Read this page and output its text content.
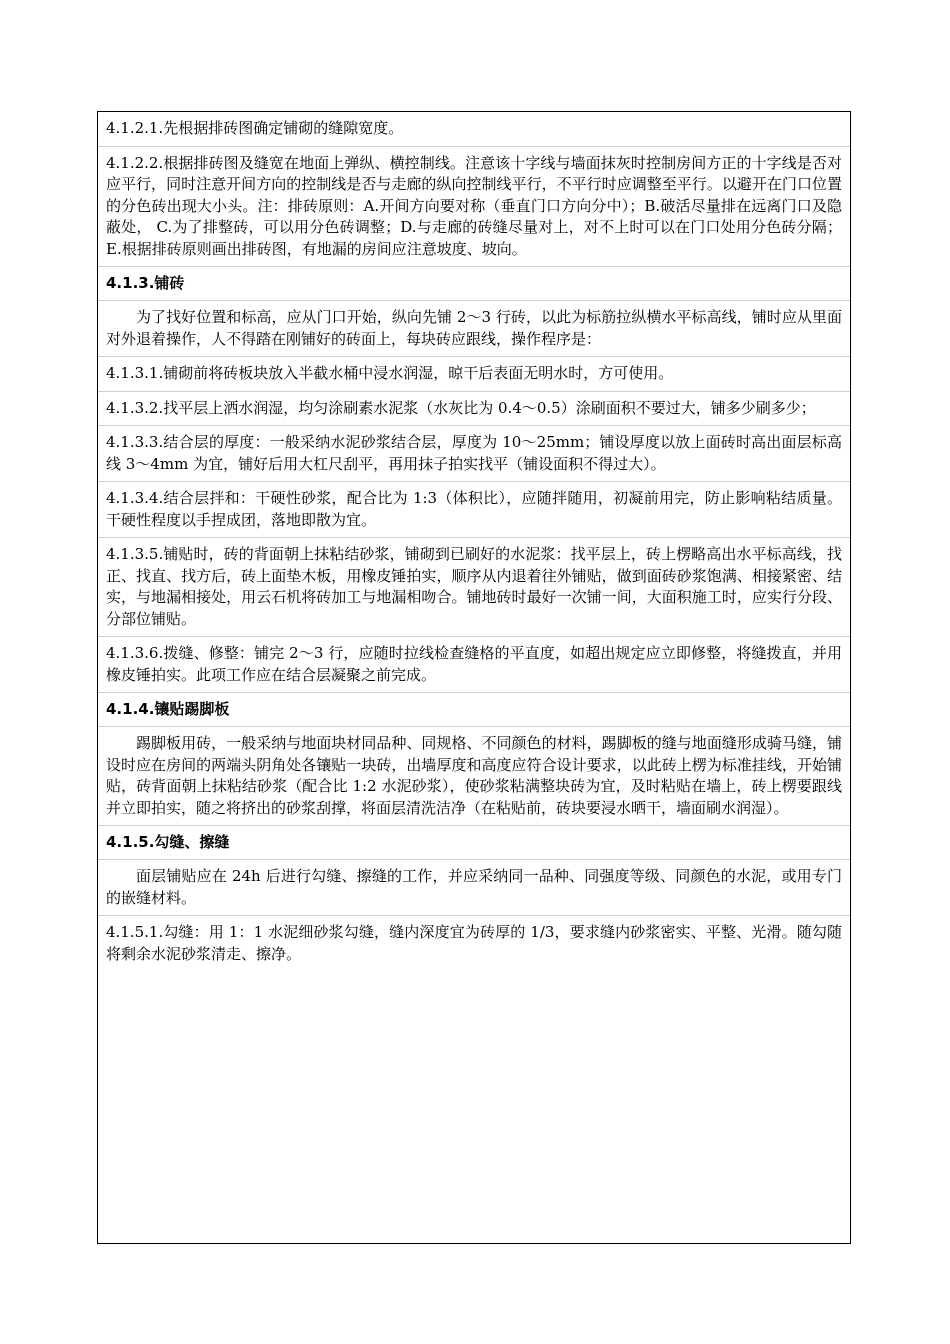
4.1.2.1.先根据排砖图确定铺砌的缝隙宽度。
4.1.2.2.根据排砖图及缝宽在地面上弹纵、横控制线。注意该十字线与墙面抹灰时控制房间方正的十字线是否对应平行，同时注意开间方向的控制线是否与走廊的纵向控制线平行，不平行时应调整至平行。以避开在门口位置的分色砖出现大小头。注：排砖原则：A.开间方向要对称（垂直门口方向分中）；B.破活尽量排在远离门口及隐蔽处， C.为了排整砖，可以用分色砖调整；D.与走廊的砖缝尽量对上，对不上时可以在门口处用分色砖分隔；E.根据排砖原则画出排砖图，有地漏的房间应注意坡度、坡向。
4.1.3.铺砖
为了找好位置和标高，应从门口开始，纵向先铺 2～3 行砖，以此为标筋拉纵横水平标高线，铺时应从里面对外退着操作，人不得踏在刚铺好的砖面上，每块砖应跟线，操作程序是：
4.1.3.1.铺砌前将砖板块放入半截水桶中浸水润湿，晾干后表面无明水时，方可使用。
4.1.3.2.找平层上洒水润湿，均匀涂刷素水泥浆（水灰比为 0.4～0.5）涂刷面积不要过大，铺多少刷多少；
4.1.3.3.结合层的厚度：一般采纳水泥砂浆结合层，厚度为 10～25mm；铺设厚度以放上面砖时高出面层标高线 3～4mm 为宜，铺好后用大杠尺刮平，再用抹子拍实找平（铺设面积不得过大）。
4.1.3.4.结合层拌和：干硬性砂浆，配合比为 1:3（体积比），应随拌随用，初凝前用完，防止影响粘结质量。干硬性程度以手捏成团，落地即散为宜。
4.1.3.5.铺贴时，砖的背面朝上抹粘结砂浆，铺砌到已刷好的水泥浆：找平层上，砖上楞略高出水平标高线，找正、找直、找方后，砖上面垫木板，用橡皮锤拍实，顺序从内退着往外铺贴，做到面砖砂浆饱满、相接紧密、结实，与地漏相接处，用云石机将砖加工与地漏相吻合。铺地砖时最好一次铺一间，大面积施工时，应实行分段、分部位铺贴。
4.1.3.6.拨缝、修整：铺完 2～3 行，应随时拉线检查缝格的平直度，如超出规定应立即修整，将缝拨直，并用橡皮锤拍实。此项工作应在结合层凝聚之前完成。
4.1.4.镶贴踢脚板
踢脚板用砖，一般采纳与地面块材同品种、同规格、不同颜色的材料，踢脚板的缝与地面缝形成骑马缝，铺设时应在房间的两端头阴角处各镶贴一块砖，出墙厚度和高度应符合设计要求，以此砖上楞为标准挂线，开始铺贴，砖背面朝上抹粘结砂浆（配合比 1:2 水泥砂浆），使砂浆粘满整块砖为宜，及时粘贴在墙上，砖上楞要跟线并立即拍实，随之将挤出的砂浆刮撑，将面层清洗洁净（在粘贴前，砖块要浸水晒干，墙面刷水润湿）。
4.1.5.勾缝、擦缝
面层铺贴应在 24h 后进行勾缝、擦缝的工作，并应采纳同一品种、同强度等级、同颜色的水泥，或用专门的嵌缝材料。
4.1.5.1.勾缝：用 1：1 水泥细砂浆勾缝，缝内深度宜为砖厚的 1/3，要求缝内砂浆密实、平整、光滑。随勾随将剩余水泥砂浆清走、擦净。
